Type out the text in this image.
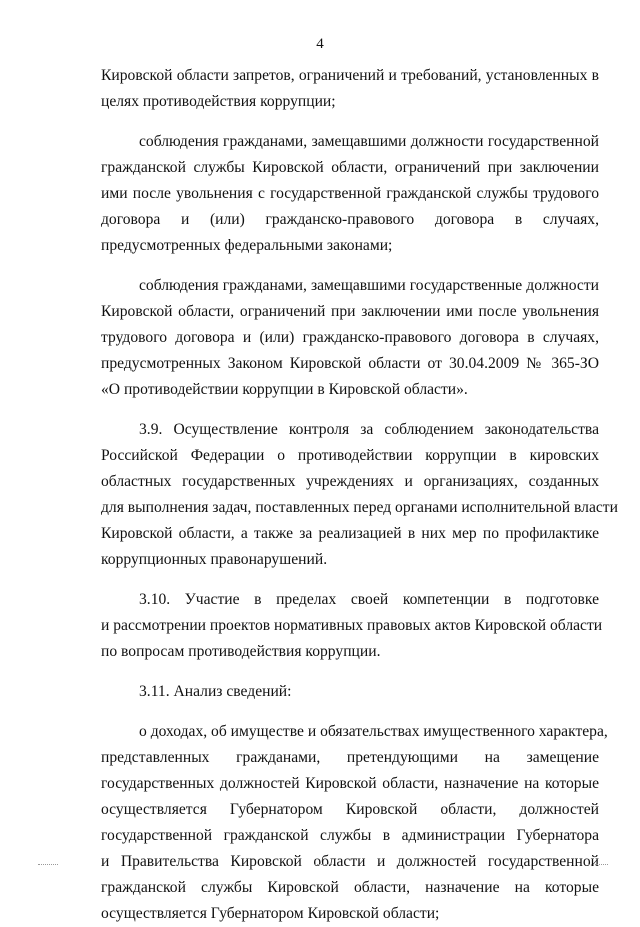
4

Кировской области запретов, ограничений и требований, установленных в
целях противодействия коррупции;

соблюдения гражданами, замещавшими должности государственной
гражданской службы Кировской области, ограничений при заключении
ими после увольнения с государственной гражданской службы трудового
договора и (или) гражданско-правового договора в случаях,
предусмотренных федеральными законами;

соблюдения гражданами, замещавшими государственные должности
Кировской области, ограничений при заключении ими после увольнения
трудового договора и (или) гражданско-правового договора в случаях,
предусмотренных Законом Кировской области от 30.04.2009 № 365-ЗО
«О противодействии коррупции в Кировской области».

3.9. Осуществление контроля за соблюдением законодательства
Российской Федерации о противодействии коррупции в кировских
областных государственных учреждениях и организациях, созданных
для выполнения задач, поставленных перед органами исполнительной власти
Кировской области, а также за реализацией в них мер по профилактике
коррупционных правонарушений.

3.10. Участие в пределах своей компетенции в подготовке
и рассмотрении проектов нормативных правовых актов Кировской области
по вопросам противодействия коррупции.

3.11. Анализ сведений:

о доходах, об имуществе и обязательствах имущественного характера,
представленных гражданами, претендующими на замещение
государственных должностей Кировской области, назначение на которые
осуществляется Губернатором Кировской области, должностей
государственной гражданской службы в администрации Губернатора
и Правительства Кировской области и должностей государственной
гражданской службы Кировской области, назначение на которые
осуществляется Губернатором Кировской области;
